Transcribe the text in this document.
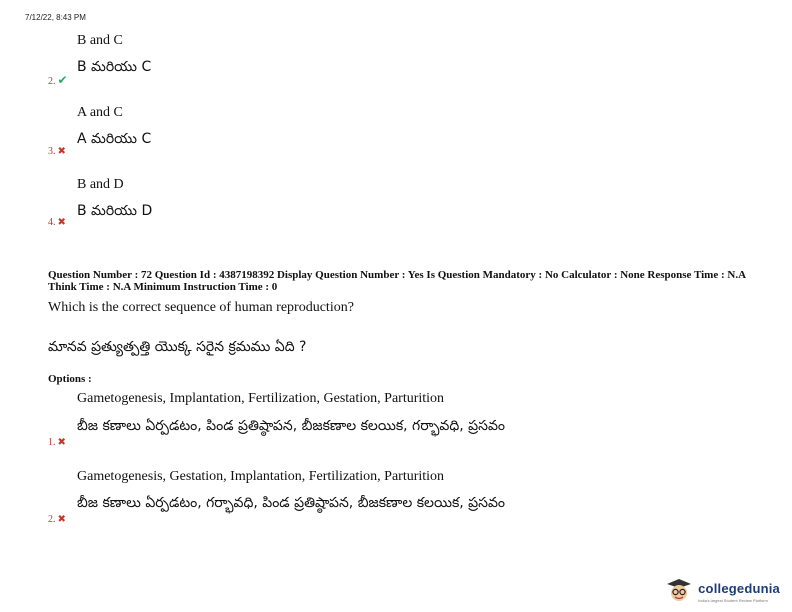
7/12/22, 8:43 PM
B and C
B మరియు C
2. ✔
A and C
A మరియు C
3. ✖
B and D
B మరియు D
4. ✖
Question Number : 72 Question Id : 4387198392 Display Question Number : Yes Is Question Mandatory : No Calculator : None Response Time : N.A Think Time : N.A Minimum Instruction Time : 0
Which is the correct sequence of human reproduction?
మానవ ప్రత్యుత్పత్తి యొక్క సరైన క్రమము ఏది ?
Options :
Gametogenesis, Implantation, Fertilization, Gestation, Parturition
బీజ కణాలు ఏర్పడటం, పిండ ప్రతిష్ఠాపన, బీజకణాల కలయిక, గర్భావధి, ప్రసవం
1. ✖
Gametogenesis, Gestation, Implantation, Fertilization, Parturition
బీజ కణాలు ఏర్పడటం, గర్భావధి, పిండ ప్రతిష్ఠాపన, బీజకణాల కలయిక, ప్రసవం
2. ✖
collegedunia
India's largest Student Review Platform
